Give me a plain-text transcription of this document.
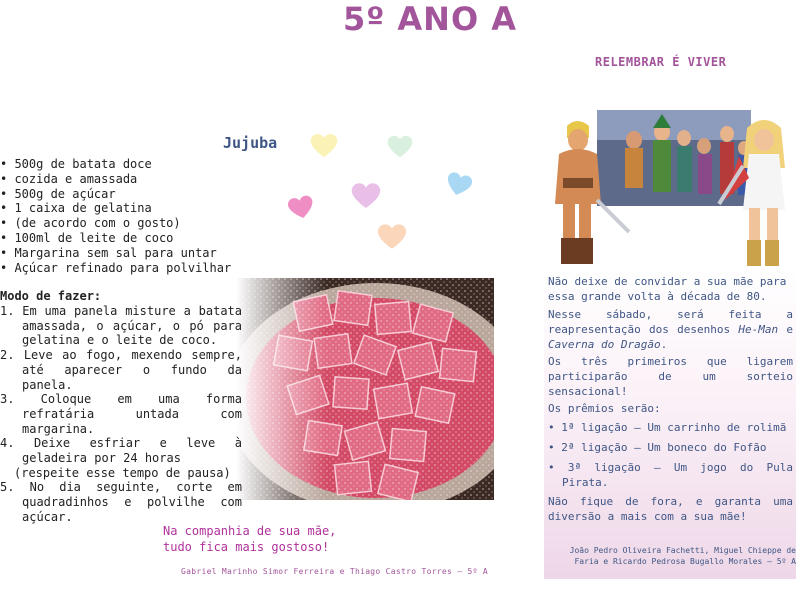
5º ANO A
RELEMBRAR É VIVER
Jujuba
• 500g de batata doce
• cozida e amassada
• 500g de açúcar
• 1 caixa de gelatina
• (de acordo com o gosto)
• 100ml de leite de coco
• Margarina sem sal para untar
• Açúcar refinado para polvilhar
Modo de fazer:
1. Em uma panela misture a batata amassada, o açúcar, o pó para gelatina e o leite de coco.
2. Leve ao fogo, mexendo sempre, até aparecer o fundo da panela.
3. Coloque em uma forma refratária untada com margarina.
4. Deixe esfriar e leve à geladeira por 24 horas
(respeite esse tempo de pausa)
5. No dia seguinte, corte em quadradinhos e polvilhe com açúcar.
Na companhia de sua mãe,
tudo fica mais gostoso!
Gabriel Marinho Simor Ferreira e Thiago Castro Torres – 5º A
Não deixe de convidar a sua mãe para essa grande volta à década de 80.
Nesse sábado, será feita a reapresentação dos desenhos He-Man e Caverna do Dragão.
Os três primeiros que ligarem participarão de um sorteio sensacional!
Os prêmios serão:
• 1ª ligação – Um carrinho de rolimã
• 2ª ligação – Um boneco do Fofão
• 3ª ligação – Um jogo do Pula Pirata.
Não fique de fora, e garanta uma diversão a mais com a sua mãe!
João Pedro Oliveira Fachetti, Miguel Chieppe de Faria e Ricardo Pedrosa Bugallo Morales – 5º A
